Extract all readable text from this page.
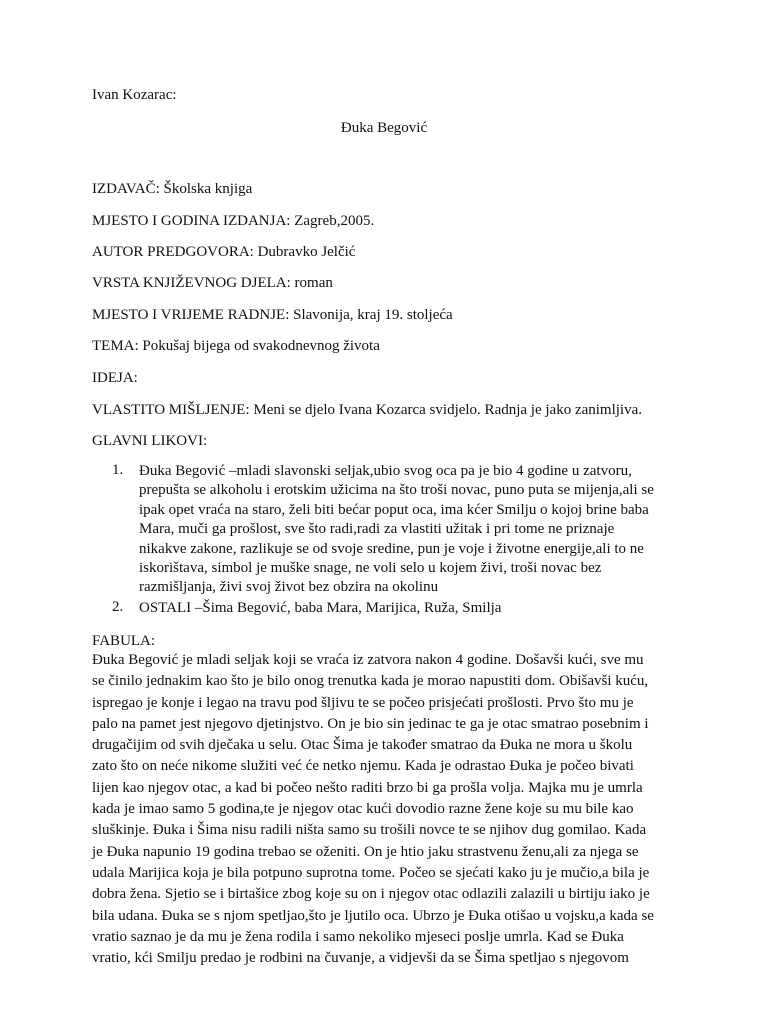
Ivan Kozarac:
Đuka Begović
IZDAVAČ: Školska knjiga
MJESTO I GODINA IZDANJA: Zagreb,2005.
AUTOR PREDGOVORA: Dubravko Jelčić
VRSTA KNJIŽEVNOG DJELA: roman
MJESTO I VRIJEME RADNJE: Slavonija, kraj 19. stoljeća
TEMA: Pokušaj bijega od svakodnevnog života
IDEJA:
VLASTITO MIŠLJENJE: Meni se djelo Ivana Kozarca svidjelo. Radnja je jako zanimljiva.
GLAVNI LIKOVI:
1. Đuka Begović –mladi slavonski seljak,ubio svog oca pa je bio 4 godine u zatvoru,
prepušta se alkoholu i erotskim užicima na što troši novac, puno puta se mijenja,ali se
ipak opet vraća na staro, želi biti bećar poput oca, ima kćer Smilju o kojoj brine baba
Mara, muči ga prošlost, sve što radi,radi za vlastiti užitak i pri tome ne priznaje
nikakve zakone, razlikuje se od svoje sredine, pun je voje i životne energije,ali to ne
iskorištava, simbol je muške snage, ne voli selo u kojem živi, troši novac bez
razmišljanja, živi svoj život bez obzira na okolinu
2. OSTALI –Šima Begović, baba Mara, Marijica, Ruža, Smilja
FABULA:
Đuka Begović je mladi seljak koji se vraća iz zatvora nakon 4 godine. Došavši kući, sve mu
se činilo jednakim kao što je bilo onog trenutka kada je morao napustiti dom. Obišavši kuću,
ispregao je konje i legao na travu pod šljivu te se počeo prisjećati prošlosti. Prvo što mu je
palo na pamet jest njegovo djetinjstvo. On je bio sin jedinac te ga je otac smatrao posebnim i
drugačijim od svih dječaka u selu. Otac Šima je također smatrao da Đuka ne mora u školu
zato što on neće nikome služiti već će netko njemu. Kada je odrastao Đuka je počeo bivati
lijen kao njegov otac, a kad bi počeo nešto raditi brzo bi ga prošla volja. Majka mu je umrla
kada je imao samo 5 godina,te je njegov otac kući dovodio razne žene koje su mu bile kao
sluškinje. Đuka i Šima nisu radili ništa samo su trošili novce te se njihov dug gomilao. Kada
je Đuka napunio 19 godina trebao se oženiti. On je htio jaku strastvenu ženu,ali za njega se
udala Marijica koja je bila potpuno suprotna tome. Počeo se sjećati kako ju je mučio,a bila je
dobra žena. Sjetio se i birtašice zbog koje su on i njegov otac odlazili zalazili u birtiju iako je
bila udana. Đuka se s njom spetljao,što je ljutilo oca. Ubrzo je Đuka otišao u vojsku,a kada se
vratio saznao je da mu je žena rodila i samo nekoliko mjeseci poslje umrla. Kad se Đuka
vratio, kći Smilju predao je rodbini na čuvanje, a vidjevši da se Šima spetljao s njegovom
